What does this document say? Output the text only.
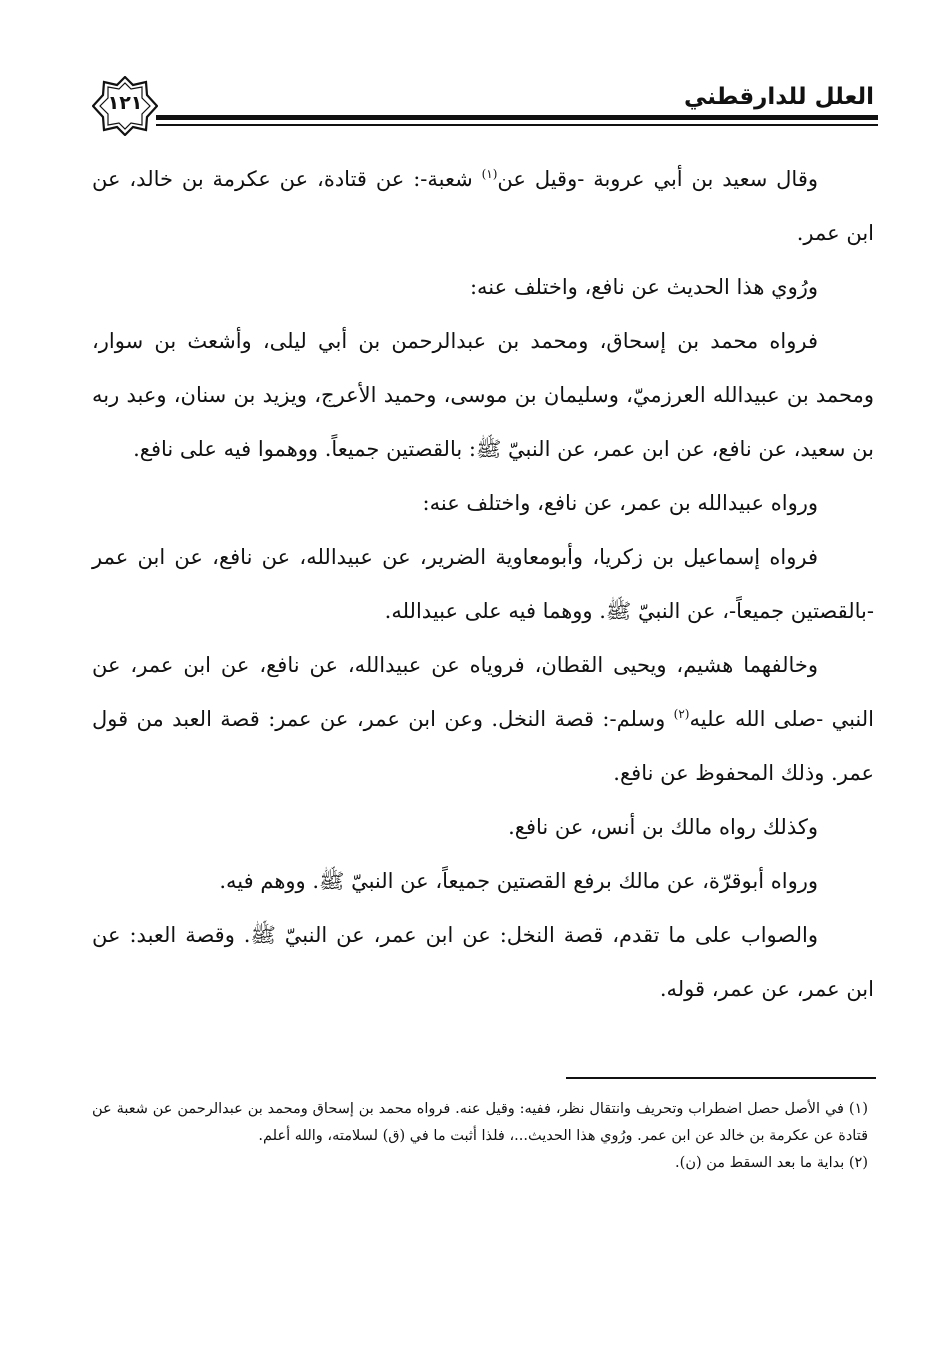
العلل للدارقطني
١٢١

وقال سعيد بن أبي عروبة -وقيل عن$^{(١)}$ شعبة-: عن قتادة، عن عكرمة بن خالد، عن ابن عمر.

ورُوي هذا الحديث عن نافع، واختلف عنه:

فرواه محمد بن إسحاق، ومحمد بن عبدالرحمن بن أبي ليلى، وأشعث بن سوار، ومحمد بن عبيدالله العرزميّ، وسليمان بن موسى، وحميد الأعرج، ويزيد بن سنان، وعبد ربه بن سعيد، عن نافع، عن ابن عمر، عن النبيّ ﷺ: بالقصتين جميعاً. ووهموا فيه على نافع.

ورواه عبيدالله بن عمر، عن نافع، واختلف عنه:

فرواه إسماعيل بن زكريا، وأبومعاوية الضرير، عن عبيدالله، عن نافع، عن ابن عمر -بالقصتين جميعاً-، عن النبيّ ﷺ. ووهما فيه على عبيدالله.

وخالفهما هشيم، ويحيى القطان، فروياه عن عبيدالله، عن نافع، عن ابن عمر، عن النبي -صلى الله عليه$^{(٢)}$ وسلم-: قصة النخل. وعن ابن عمر، عن عمر: قصة العبد من قول عمر. وذلك المحفوظ عن نافع.

وكذلك رواه مالك بن أنس، عن نافع.

ورواه أبوقرّة، عن مالك برفع القصتين جميعاً، عن النبيّ ﷺ. ووهم فيه.

والصواب على ما تقدم، قصة النخل: عن ابن عمر، عن النبيّ ﷺ. وقصة العبد: عن ابن عمر، عن عمر، قوله.

(١) في الأصل حصل اضطراب وتحريف وانتقال نظر، ففيه: وقيل عنه. فرواه محمد بن إسحاق ومحمد بن عبدالرحمن عن شعبة عن قتادة عن عكرمة بن خالد عن ابن عمر. ورُوي هذا الحديث...، فلذا أثبت ما في (ق) لسلامته، والله أعلم.

(٢) بداية ما بعد السقط من (ن).
